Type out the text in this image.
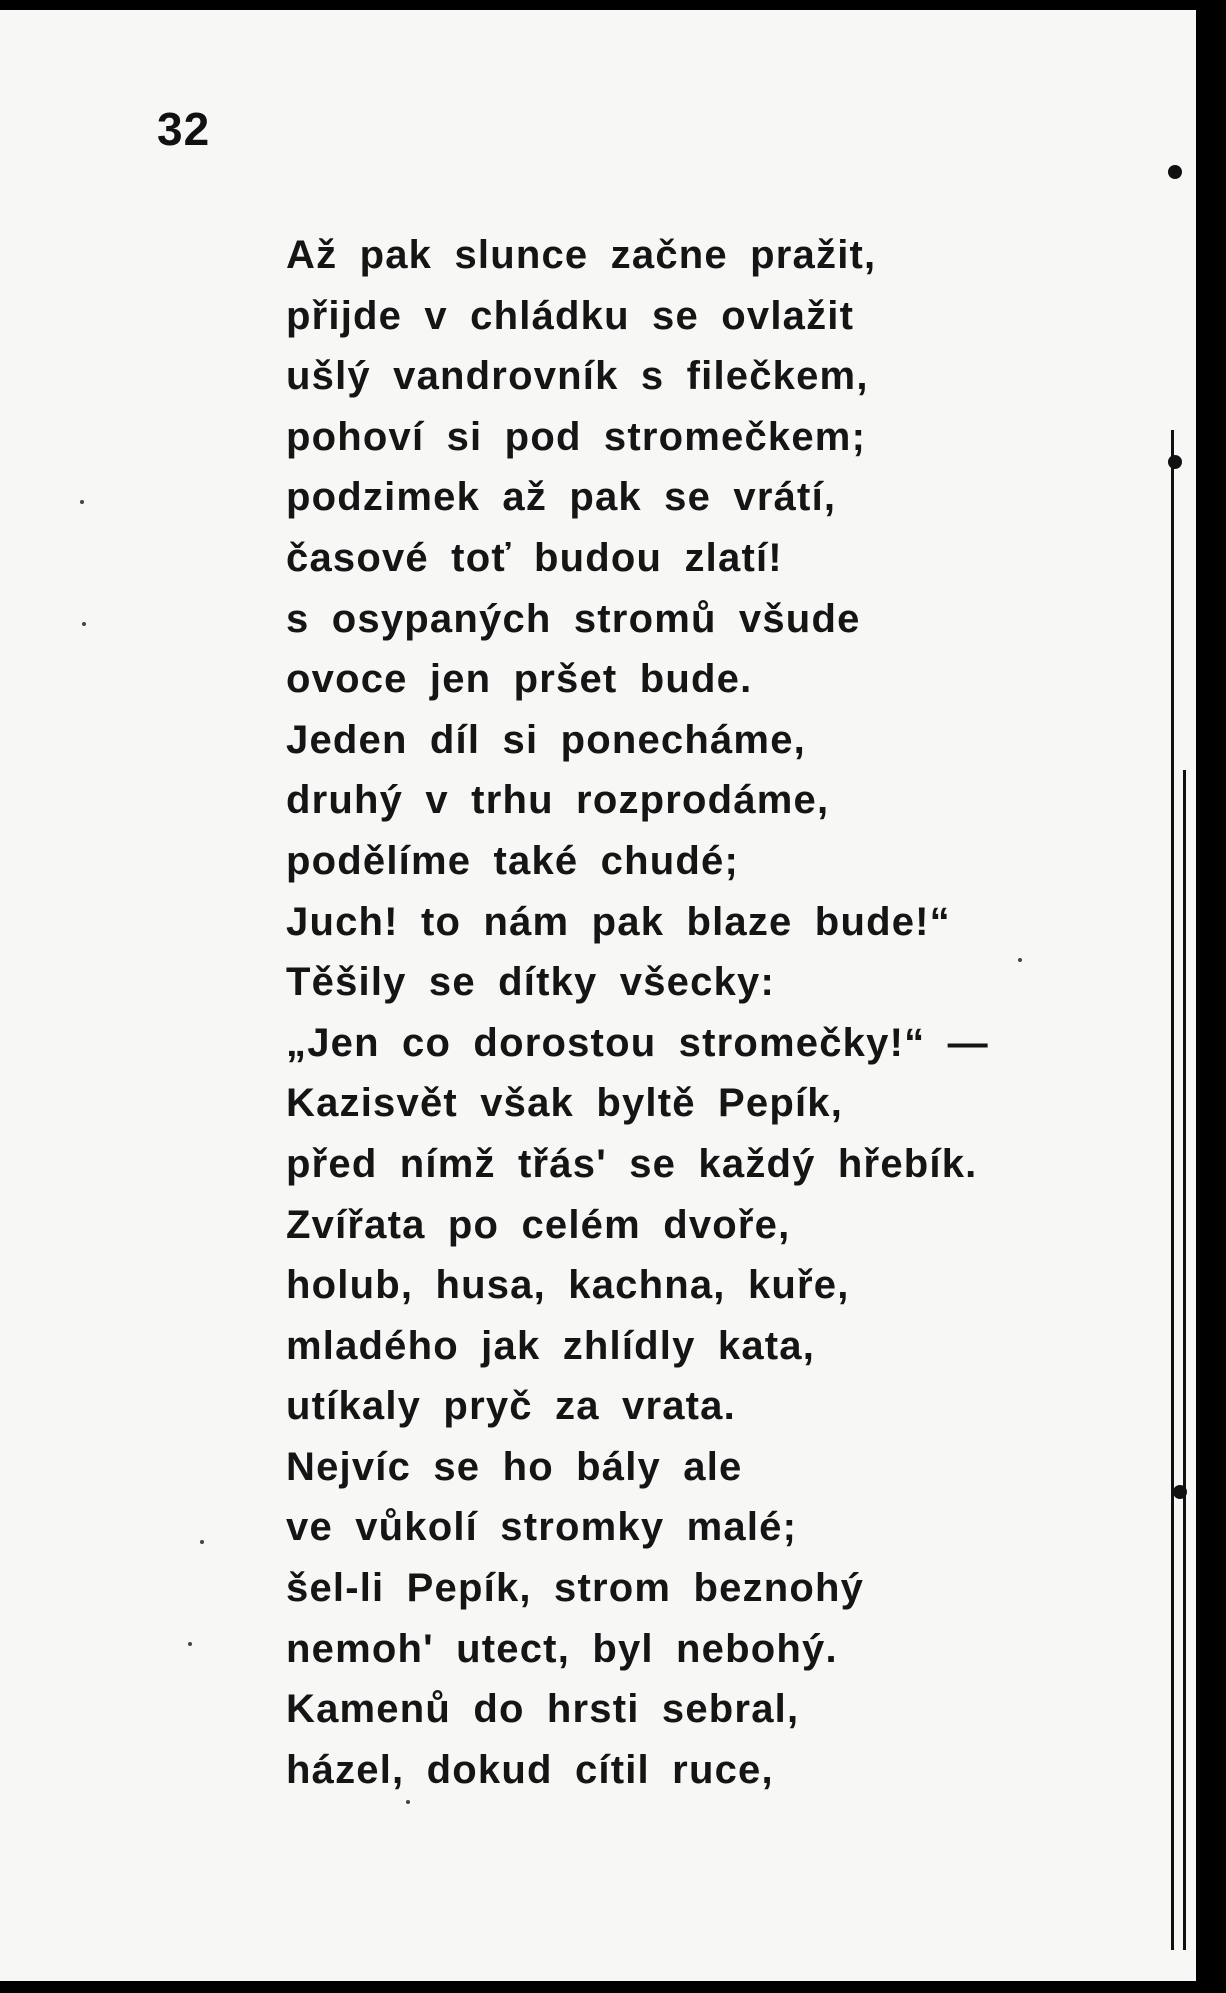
32
Až pak slunce začne pražit,
přijde v chládku se ovlažit
ušlý vandrovník s filečkem,
pohoví si pod stromečkem;
podzimek až pak se vrátí,
časové toť budou zlatí!
s osypaných stromů všude
ovoce jen pršet bude.
Jeden díl si ponecháme,
druhý v trhu rozprodáme,
podělíme také chudé;
Juch! to nám pak blaze bude!“
Těšily se dítky všecky:
„Jen co dorostou stromečky!“ —
Kazisvět však byltě Pepík,
před nímž třás' se každý hřebík.
Zvířata po celém dvoře,
holub, husa, kachna, kuře,
mladého jak zhlídly kata,
utíkaly pryč za vrata.
Nejvíc se ho bály ale
ve vůkolí stromky malé;
šel-li Pepík, strom beznohý
nemoh' utect, byl nebohý.
Kamenů do hrsti sebral,
házel, dokud cítil ruce,
